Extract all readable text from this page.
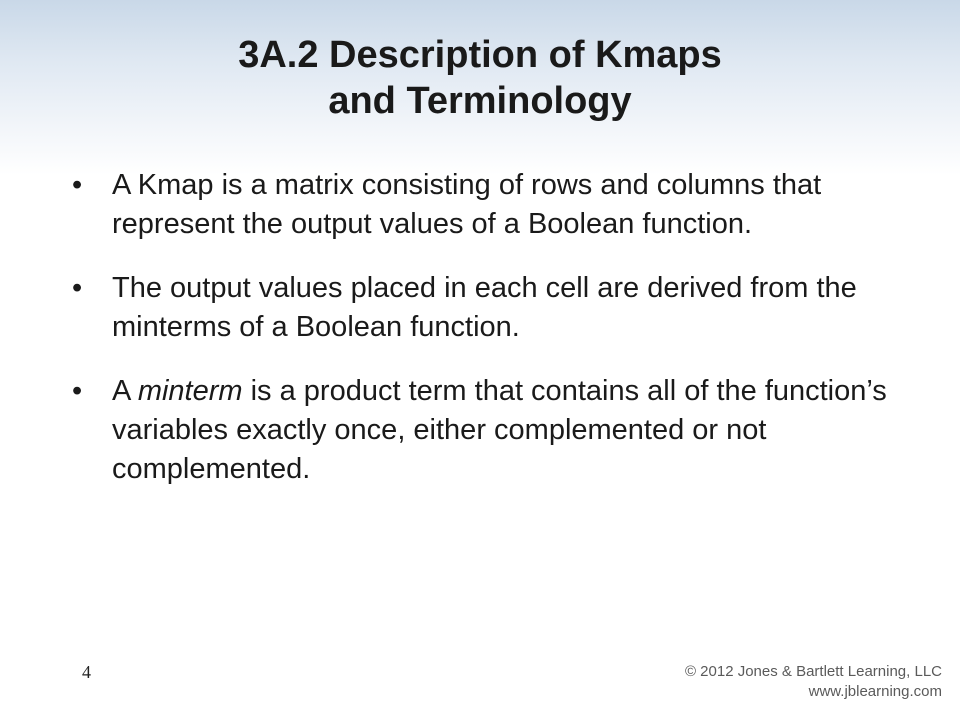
3A.2 Description of Kmaps
and Terminology
• A Kmap is a matrix consisting of rows and columns that represent the output values of a Boolean function.
• The output values placed in each cell are derived from the minterms of a Boolean function.
• A minterm is a product term that contains all of the function’s variables exactly once, either complemented or not complemented.
4	© 2012 Jones & Bartlett Learning, LLC
www.jblearning.com
